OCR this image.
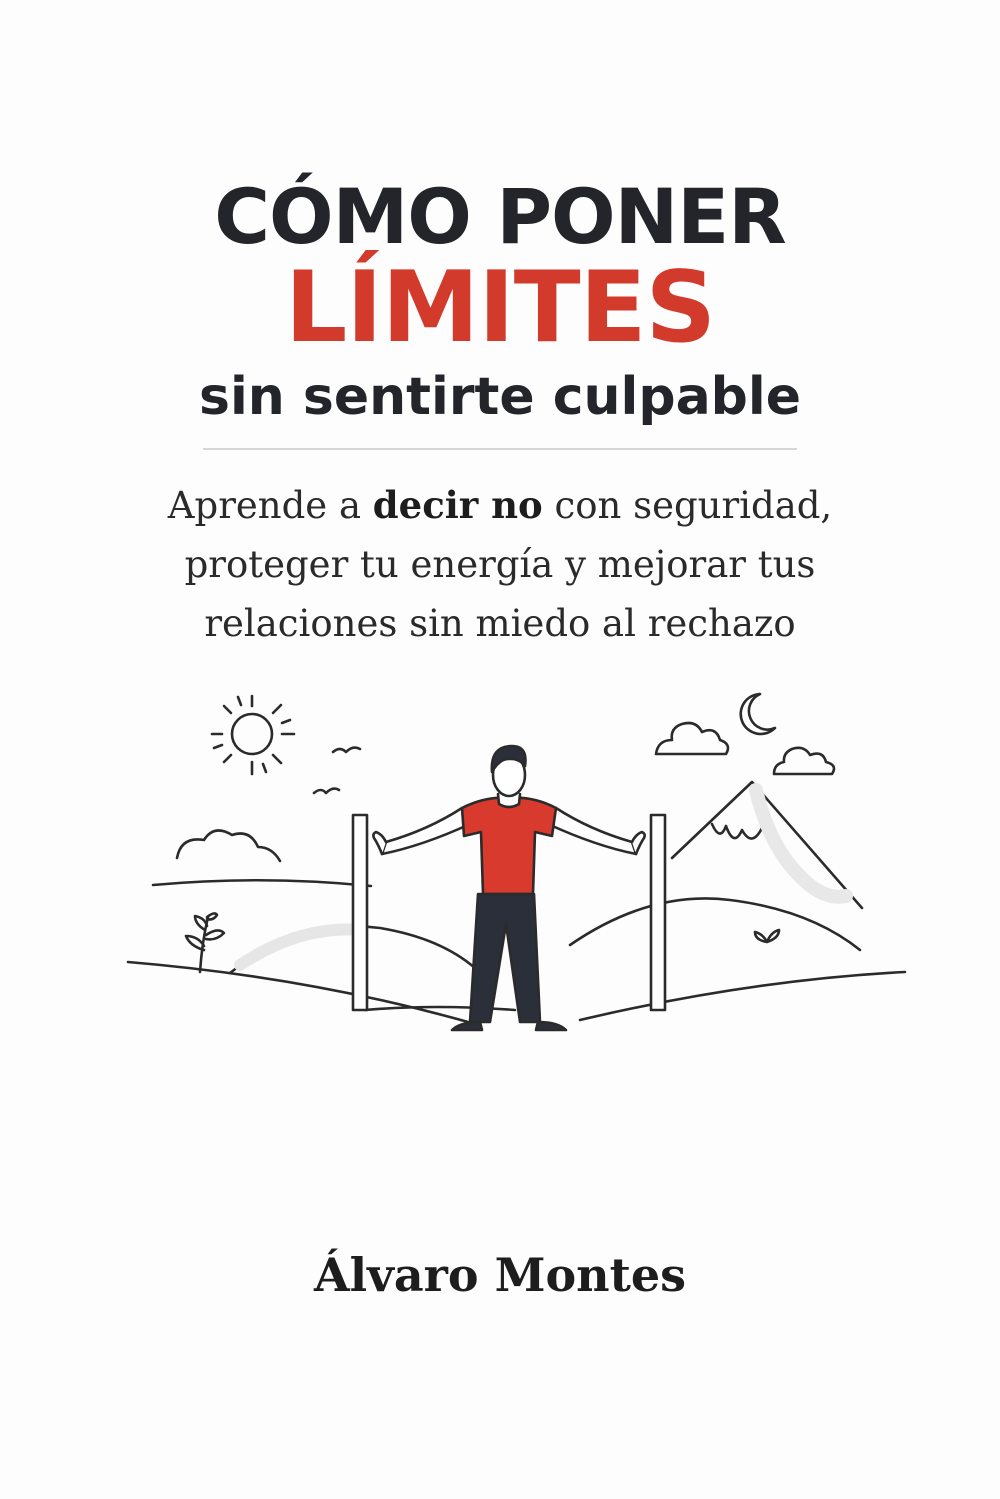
CÓMO PONER
LÍMITES
sin sentirte culpable
Aprende a decir no con seguridad,
proteger tu energía y mejorar tus
relaciones sin miedo al rechazo
Álvaro Montes
